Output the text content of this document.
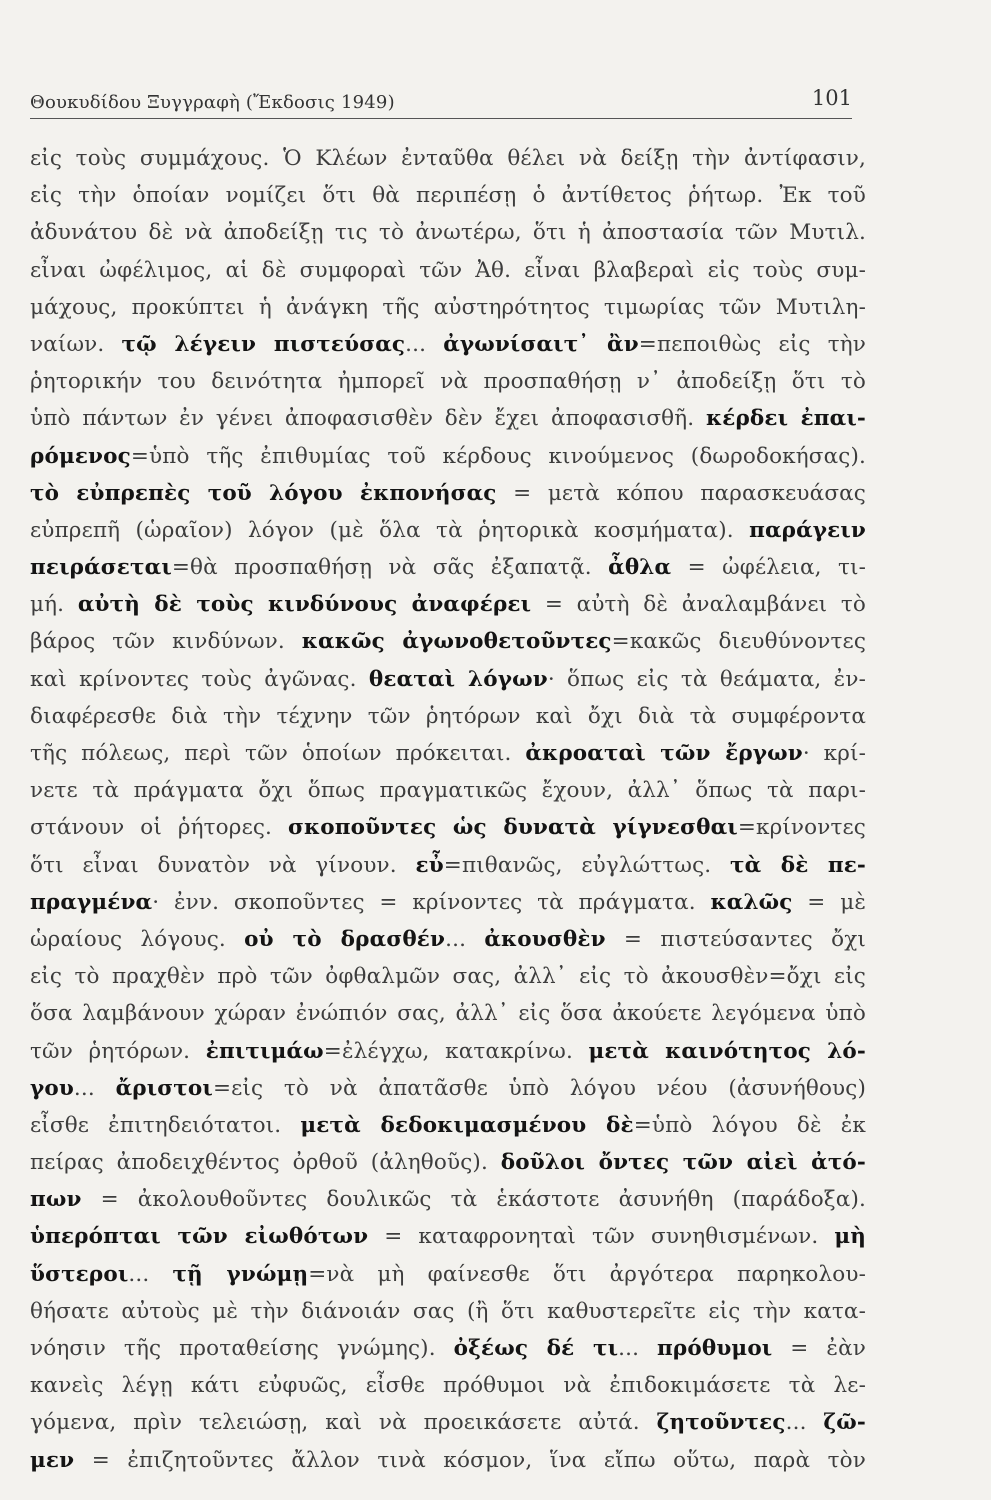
Θουκυδίδου Ξυγγραφὴ (Ἔκδοσις 1949)	101
εἰς τοὺς συμμάχους. Ὁ Κλέων ἐνταῦθα θέλει νὰ δείξῃ τὴν ἀντίφασιν,
εἰς τὴν ὁποίαν νομίζει ὅτι θὰ περιπέσῃ ὁ ἀντίθετος ῥήτωρ. Ἐκ τοῦ
ἀδυνάτου δὲ νὰ ἀποδείξῃ τις τὸ ἀνωτέρω, ὅτι ἡ ἀποστασία τῶν Μυτιλ.
εἶναι ὠφέλιμος, αἱ δὲ συμφοραὶ τῶν Ἀθ. εἶναι βλαβεραὶ εἰς τοὺς συμ-
μάχους, προκύπτει ἡ ἀνάγκη τῆς αὐστηρότητος τιμωρίας τῶν Μυτιλη-
ναίων. τῷ λέγειν πιστεύσας... ἀγωνίσαιτ᾽ ἂν=πεποιθὼς εἰς τὴν
ῥητορικήν του δεινότητα ἠμπορεῖ νὰ προσπαθήσῃ ν᾽ ἀποδείξῃ ὅτι τὸ
ὑπὸ πάντων ἐν γένει ἀποφασισθὲν δὲν ἔχει ἀποφασισθῆ. κέρδει ἐπαι-
ρόμενος=ὑπὸ τῆς ἐπιθυμίας τοῦ κέρδους κινούμενος (δωροδοκήσας).
τὸ εὐπρεπὲς τοῦ λόγου ἐκπονήσας = μετὰ κόπου παρασκευάσας
εὐπρεπῆ (ὡραῖον) λόγον (μὲ ὅλα τὰ ῥητορικὰ κοσμήματα). παράγειν
πειράσεται=θὰ προσπαθήσῃ νὰ σᾶς ἐξαπατᾷ. ἆθλα = ὠφέλεια, τι-
μή. αὐτὴ δὲ τοὺς κινδύνους ἀναφέρει = αὐτὴ δὲ ἀναλαμβάνει τὸ
βάρος τῶν κινδύνων. κακῶς ἀγωνοθετοῦντες=κακῶς διευθύνοντες
καὶ κρίνοντες τοὺς ἀγῶνας. θεαταὶ λόγων· ὅπως εἰς τὰ θεάματα, ἐν-
διαφέρεσθε διὰ τὴν τέχνην τῶν ῥητόρων καὶ ὄχι διὰ τὰ συμφέροντα
τῆς πόλεως, περὶ τῶν ὁποίων πρόκειται. ἀκροαταὶ τῶν ἔργων· κρί-
νετε τὰ πράγματα ὄχι ὅπως πραγματικῶς ἔχουν, ἀλλ᾽ ὅπως τὰ παρι-
στάνουν οἱ ῥήτορες. σκοποῦντες ὡς δυνατὰ γίγνεσθαι=κρίνοντες
ὅτι εἶναι δυνατὸν νὰ γίνουν. εὖ=πιθανῶς, εὐγλώττως. τὰ δὲ πε-
πραγμένα· ἐνν. σκοποῦντες = κρίνοντες τὰ πράγματα. καλῶς = μὲ
ὡραίους λόγους. οὐ τὸ δρασθέν... ἀκουσθὲν = πιστεύσαντες ὄχι
εἰς τὸ πραχθὲν πρὸ τῶν ὀφθαλμῶν σας, ἀλλ᾽ εἰς τὸ ἀκουσθὲν=ὄχι εἰς
ὅσα λαμβάνουν χώραν ἐνώπιόν σας, ἀλλ᾽ εἰς ὅσα ἀκούετε λεγόμενα ὑπὸ
τῶν ῥητόρων. ἐπιτιμάω=ἐλέγχω, κατακρίνω. μετὰ καινότητος λό-
γου... ἄριστοι=εἰς τὸ νὰ ἀπατᾶσθε ὑπὸ λόγου νέου (ἀσυνήθους)
εἶσθε ἐπιτηδειότατοι. μετὰ δεδοκιμασμένου δὲ=ὑπὸ λόγου δὲ ἐκ
πείρας ἀποδειχθέντος ὀρθοῦ (ἀληθοῦς). δοῦλοι ὄντες τῶν αἰεὶ ἀτό-
πων = ἀκολουθοῦντες δουλικῶς τὰ ἑκάστοτε ἀσυνήθη (παράδοξα).
ὑπερόπται τῶν εἰωθότων = καταφρονηταὶ τῶν συνηθισμένων. μὴ
ὕστεροι... τῇ γνώμῃ=νὰ μὴ φαίνεσθε ὅτι ἀργότερα παρηκολου-
θήσατε αὐτοὺς μὲ τὴν διάνοιάν σας (ἢ ὅτι καθυστερεῖτε εἰς τὴν κατα-
νόησιν τῆς προταθείσης γνώμης). ὀξέως δέ τι... πρόθυμοι = ἐὰν
κανεὶς λέγῃ κάτι εὐφυῶς, εἶσθε πρόθυμοι νὰ ἐπιδοκιμάσετε τὰ λε-
γόμενα, πρὶν τελειώσῃ, καὶ νὰ προεικάσετε αὐτά. ζητοῦντες... ζῶ-
μεν = ἐπιζητοῦντες ἄλλον τινὰ κόσμον, ἵνα εἴπω οὕτω, παρὰ τὸν
